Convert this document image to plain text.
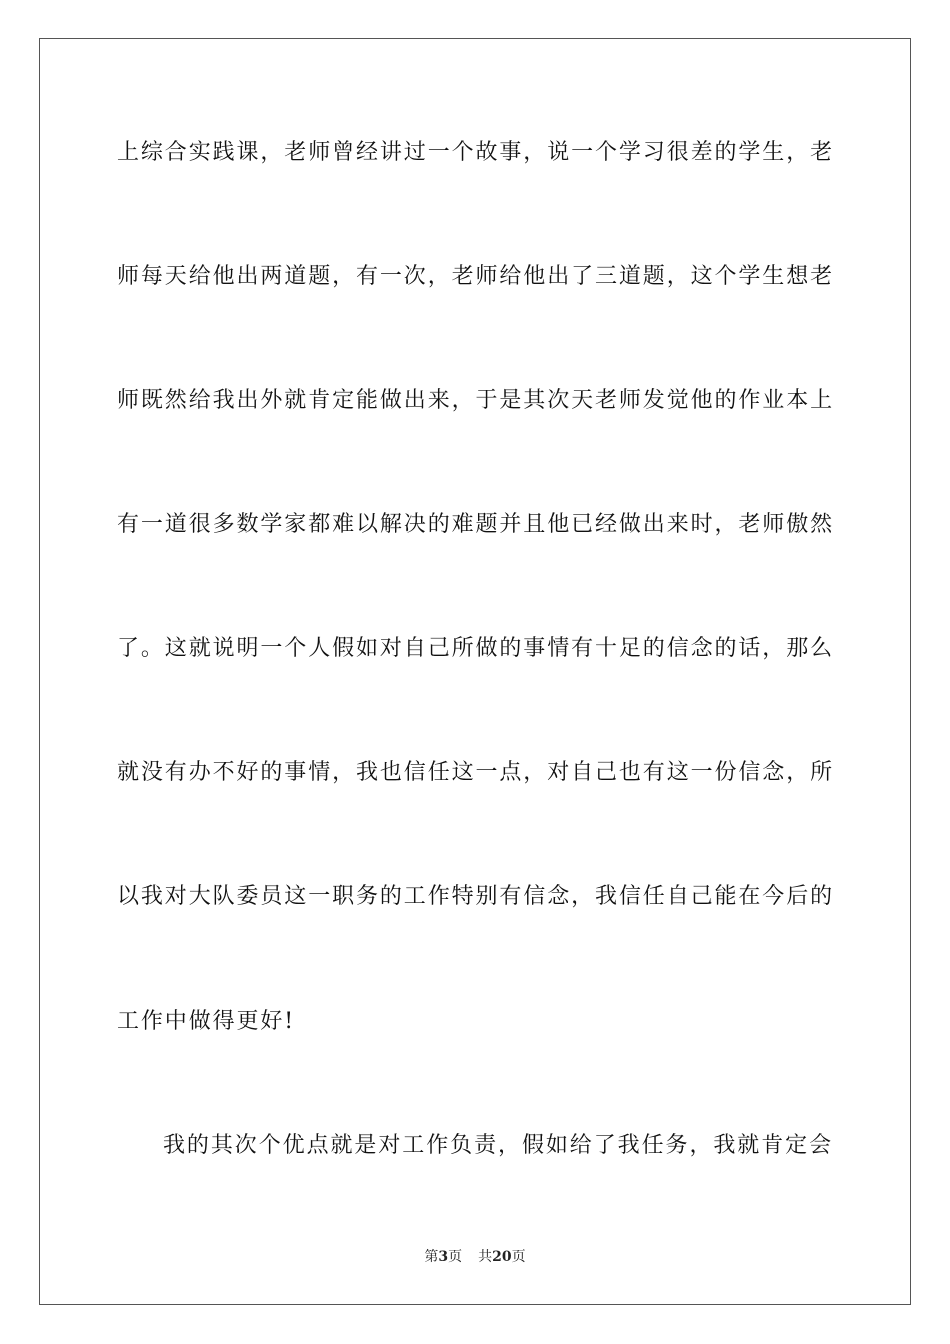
上综合实践课，老师曾经讲过一个故事，说一个学习很差的学生，老
师每天给他出两道题，有一次，老师给他出了三道题，这个学生想老
师既然给我出外就肯定能做出来，于是其次天老师发觉他的作业本上
有一道很多数学家都难以解决的难题并且他已经做出来时，老师傲然
了。这就说明一个人假如对自己所做的事情有十足的信念的话，那么
就没有办不好的事情，我也信任这一点，对自己也有这一份信念，所
以我对大队委员这一职务的工作特别有信念，我信任自己能在今后的
工作中做得更好!
我的其次个优点就是对工作负责，假如给了我任务，我就肯定会
第3页 共20页
